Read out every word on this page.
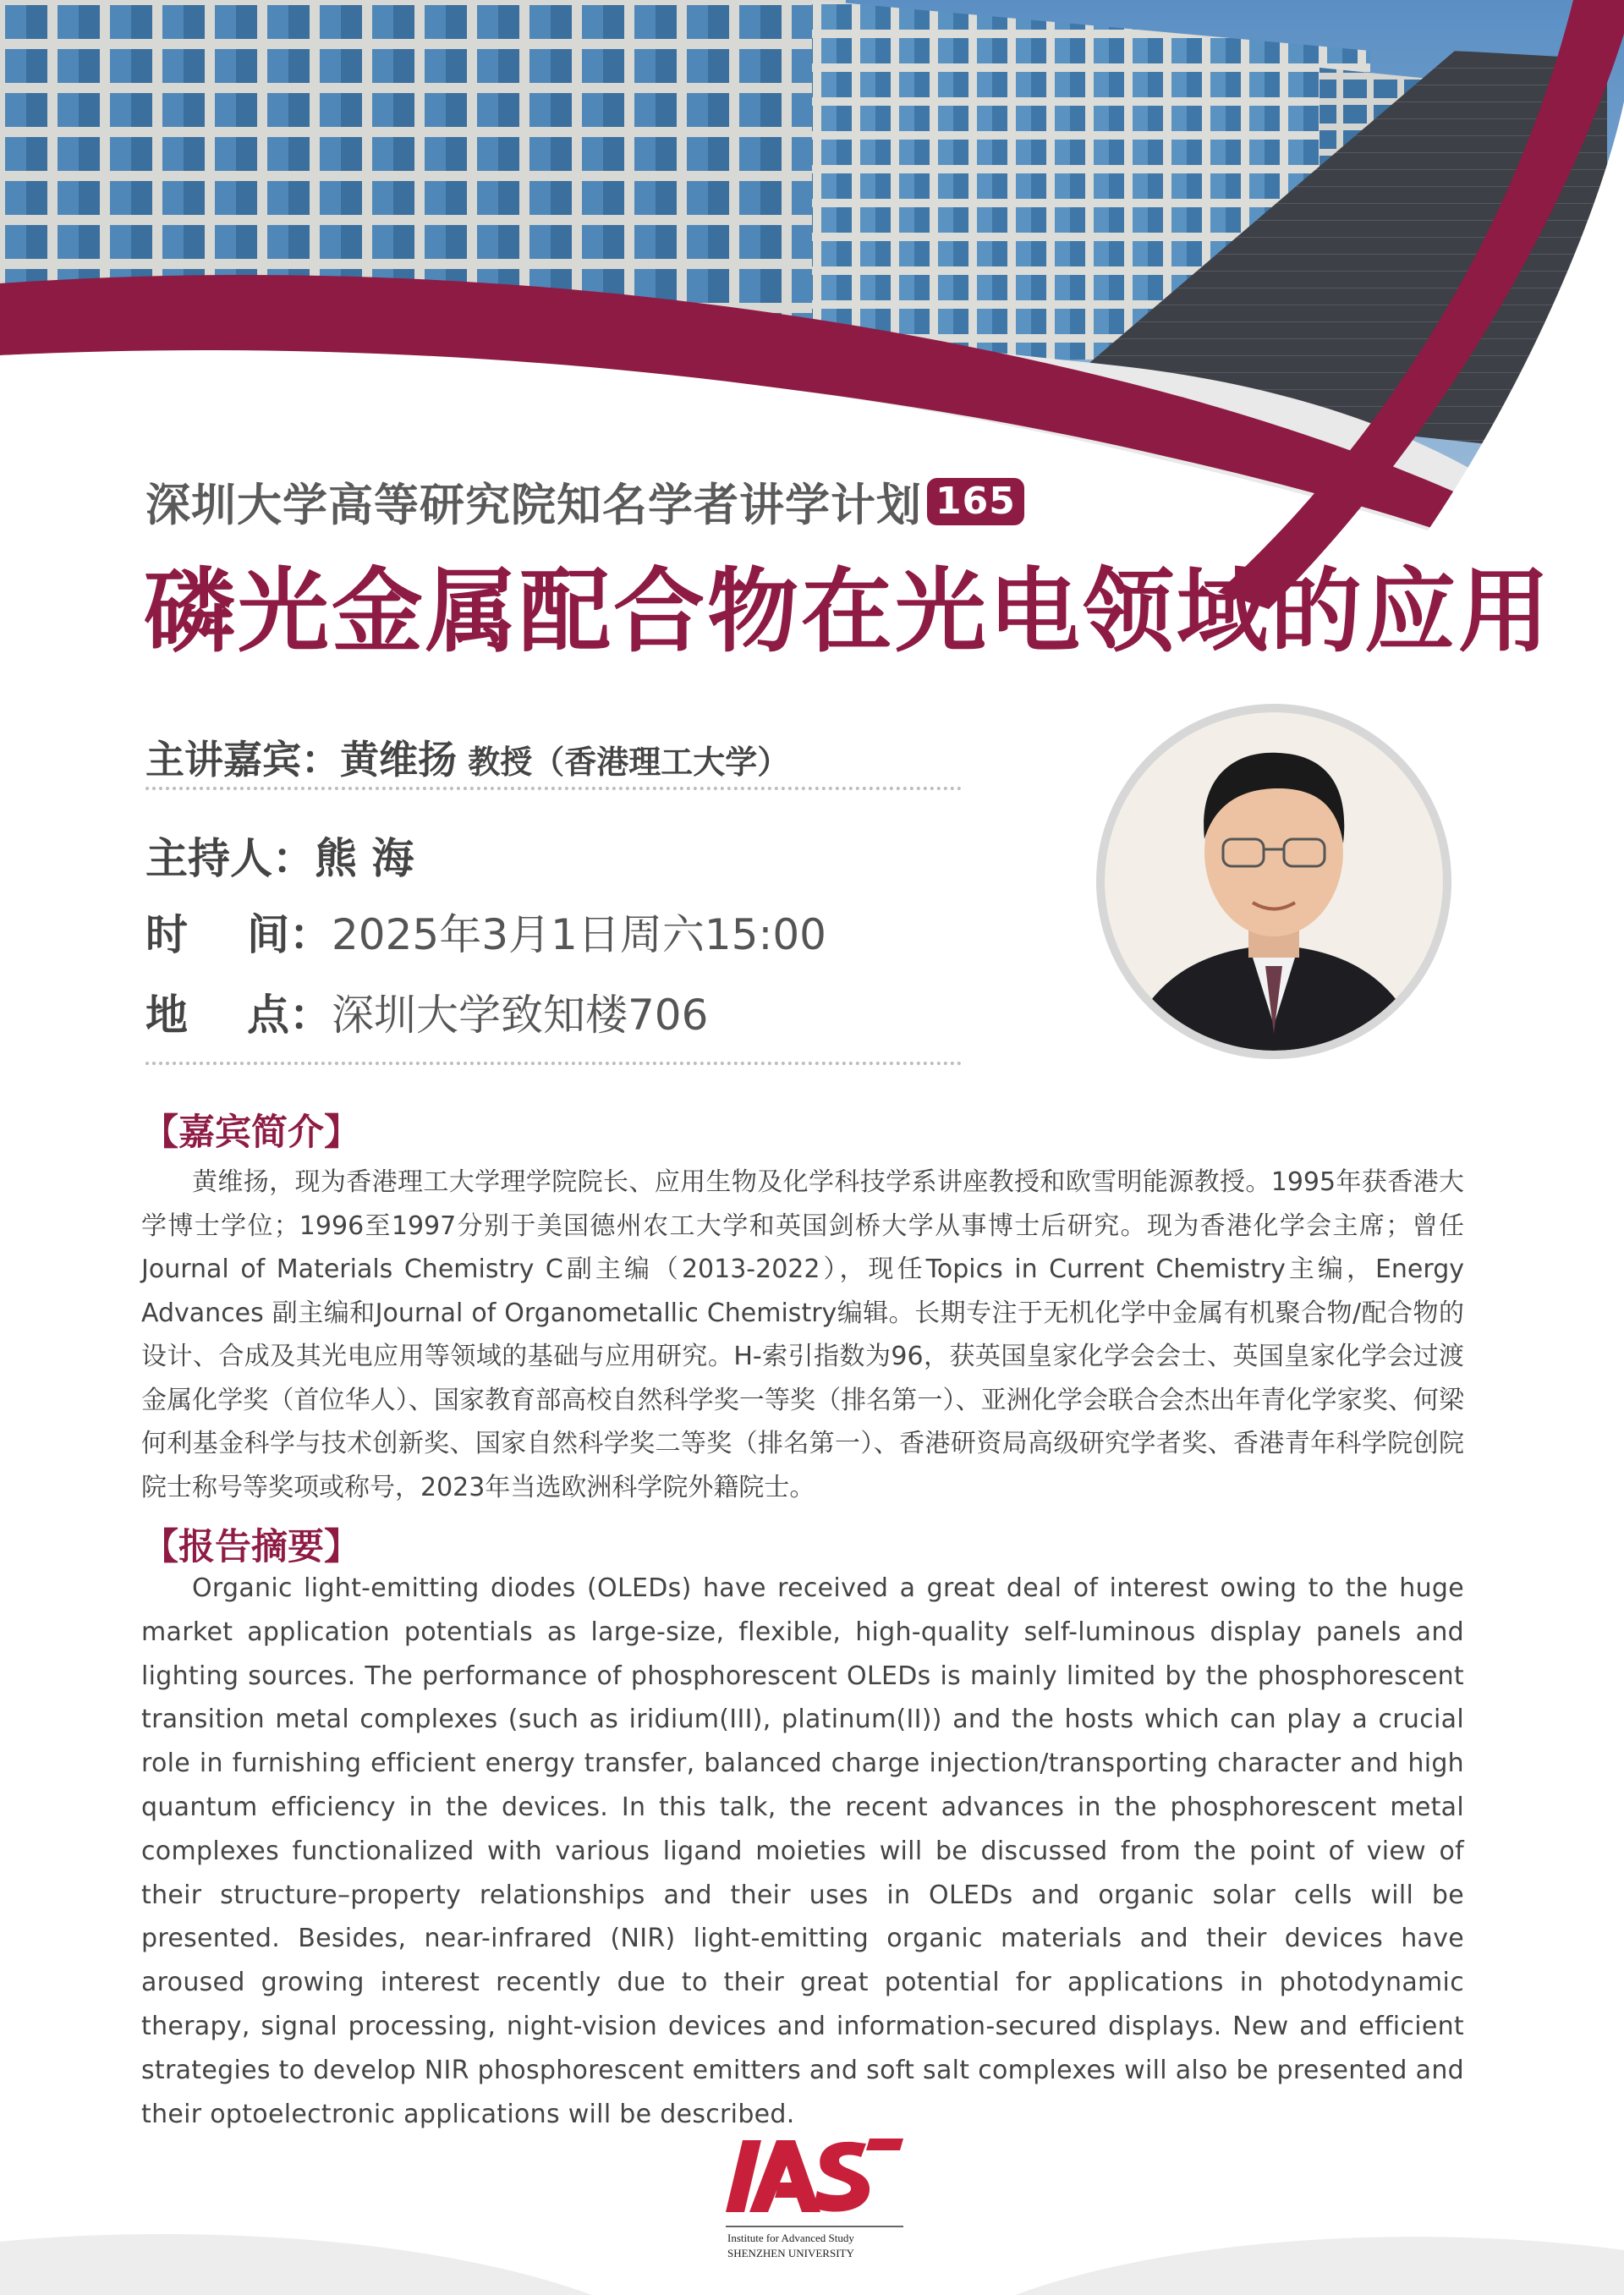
深圳大学高等研究院知名学者讲学计划 165
磷光金属配合物在光电领域的应用
主讲嘉宾：黄维扬 教授（香港理工大学）
主持人：熊 海
时 间： 2025年3月1日周六15:00
地 点： 深圳大学致知楼706
【嘉宾简介】

黄维扬，现为香港理工大学理学院院长、应用生物及化学科技学系讲座教授和欧雪明能源教授。1995年获香港大学博士学位；1996至1997分别于美国德州农工大学和英国剑桥大学从事博士后研究。现为香港化学会主席；曾任Journal of Materials Chemistry C副主编（2013-2022），现任Topics in Current Chemistry主编，Energy Advances 副主编和Journal of Organometallic Chemistry编辑。长期专注于无机化学中金属有机聚合物/配合物的设计、合成及其光电应用等领域的基础与应用研究。H-索引指数为96，获英国皇家化学会会士、英国皇家化学会过渡金属化学奖（首位华人）、国家教育部高校自然科学奖一等奖（排名第一）、亚洲化学会联合会杰出年青化学家奖、何梁何利基金科学与技术创新奖、国家自然科学奖二等奖（排名第一）、香港研资局高级研究学者奖、香港青年科学院创院院士称号等奖项或称号，2023年当选欧洲科学院外籍院士。

【报告摘要】

Organic light-emitting diodes (OLEDs) have received a great deal of interest owing to the huge market application potentials as large-size, flexible, high-quality self-luminous display panels and lighting sources. The performance of phosphorescent OLEDs is mainly limited by the phosphorescent transition metal complexes (such as iridium(III), platinum(II)) and the hosts which can play a crucial role in furnishing efficient energy transfer, balanced charge injection/transporting character and high quantum efficiency in the devices. In this talk, the recent advances in the phosphorescent metal complexes functionalized with various ligand moieties will be discussed from the point of view of their structure–property relationships and their uses in OLEDs and organic solar cells will be presented. Besides, near-infrared (NIR) light-emitting organic materials and their devices have aroused growing interest recently due to their great potential for applications in photodynamic therapy, signal processing, night-vision devices and information-secured displays. New and efficient strategies to develop NIR phosphorescent emitters and soft salt complexes will also be presented and their optoelectronic applications will be described.

Institute for Advanced Study
SHENZHEN UNIVERSITY
